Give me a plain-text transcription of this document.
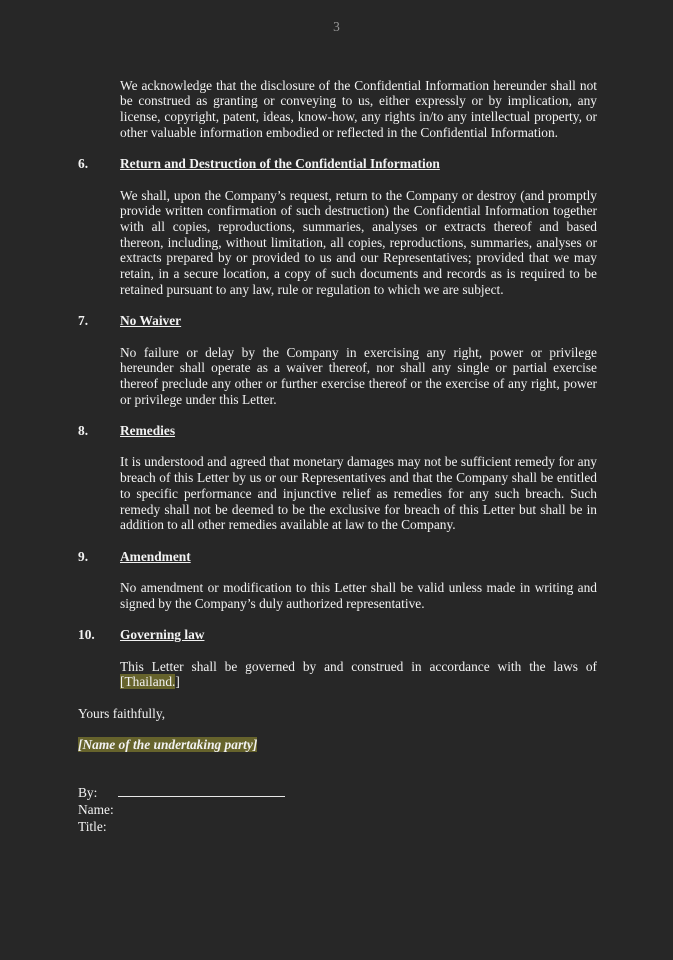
3

We acknowledge that the disclosure of the Confidential Information hereunder shall not be construed as granting or conveying to us, either expressly or by implication, any license, copyright, patent, ideas, know-how, any rights in/to any intellectual property, or other valuable information embodied or reflected in the Confidential Information.

6.	Return and Destruction of the Confidential Information

We shall, upon the Company’s request, return to the Company or destroy (and promptly provide written confirmation of such destruction) the Confidential Information together with all copies, reproductions, summaries, analyses or extracts thereof and based thereon, including, without limitation, all copies, reproductions, summaries, analyses or extracts prepared by or provided to us and our Representatives; provided that we may retain, in a secure location, a copy of such documents and records as is required to be retained pursuant to any law, rule or regulation to which we are subject.

7.	No Waiver

No failure or delay by the Company in exercising any right, power or privilege hereunder shall operate as a waiver thereof, nor shall any single or partial exercise thereof preclude any other or further exercise thereof or the exercise of any right, power or privilege under this Letter.

8.	Remedies

It is understood and agreed that monetary damages may not be sufficient remedy for any breach of this Letter by us or our Representatives and that the Company shall be entitled to specific performance and injunctive relief as remedies for any such breach. Such remedy shall not be deemed to be the exclusive for breach of this Letter but shall be in addition to all other remedies available at law to the Company.

9.	Amendment

No amendment or modification to this Letter shall be valid unless made in writing and signed by the Company’s duly authorized representative.

10.	Governing law

This Letter shall be governed by and construed in accordance with the laws of [Thailand.]

Yours faithfully,

[Name of the undertaking party]

By:
Name:
Title:
